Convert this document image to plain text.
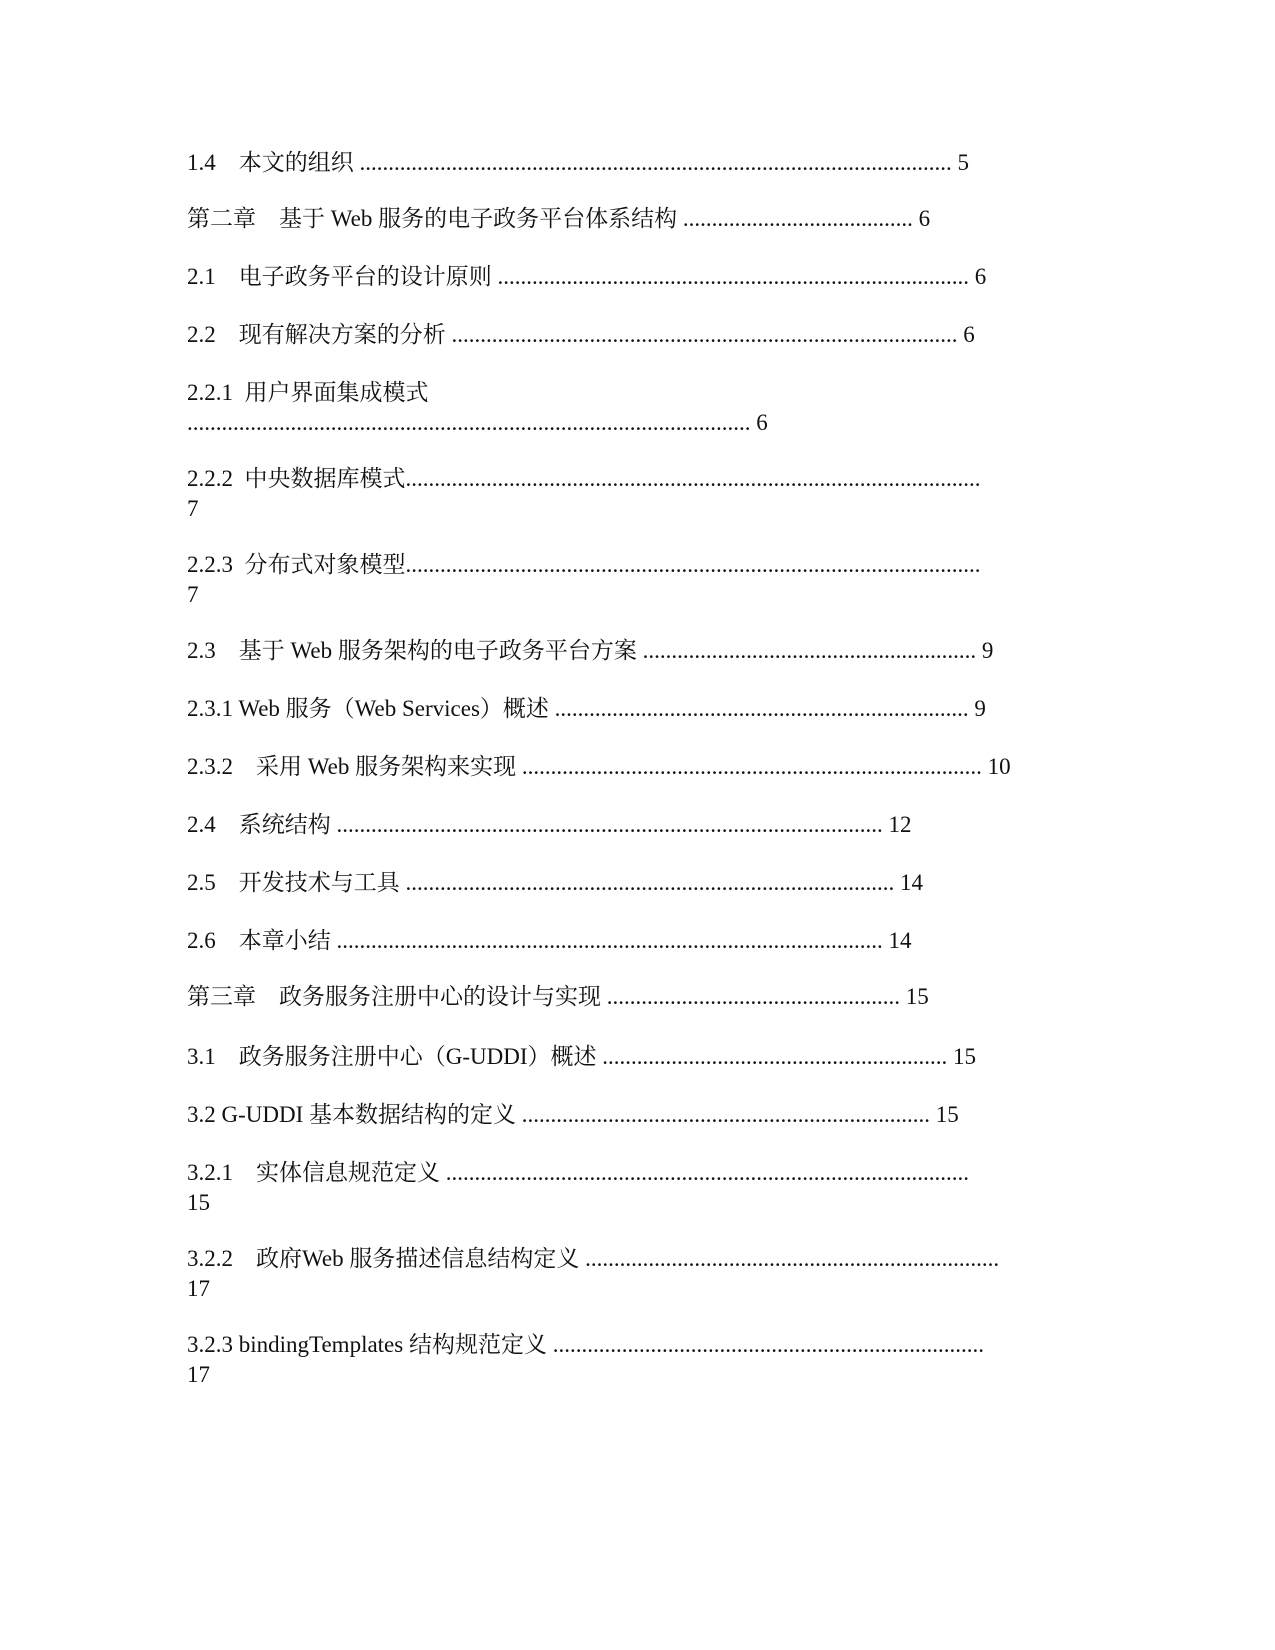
1.4 本文的组织 ....................................................................................................... 5
第二章 基于 Web 服务的电子政务平台体系结构 ........................................ 6
2.1 电子政务平台的设计原则 .................................................................................. 6
2.2 现有解决方案的分析 ........................................................................................ 6
2.2.1 用户界面集成模式
.................................................................................................. 6
2.2.2 中央数据库模式....................................................................................................
7
2.2.3 分布式对象模型....................................................................................................
7
2.3 基于 Web 服务架构的电子政务平台方案 .......................................................... 9
2.3.1 Web 服务（Web Services）概述 ........................................................................ 9
2.3.2 采用 Web 服务架构来实现 ................................................................................ 10
2.4 系统结构 ............................................................................................... 12
2.5 开发技术与工具 ..................................................................................... 14
2.6 本章小结 ............................................................................................... 14
第三章 政务服务注册中心的设计与实现 ................................................... 15
3.1 政务服务注册中心（G-UDDI）概述 ............................................................ 15
3.2 G-UDDI 基本数据结构的定义 ....................................................................... 15
3.2.1 实体信息规范定义 ...........................................................................................
15
3.2.2 政府Web 服务描述信息结构定义 ........................................................................
17
3.2.3 bindingTemplates 结构规范定义 ...........................................................................
17
